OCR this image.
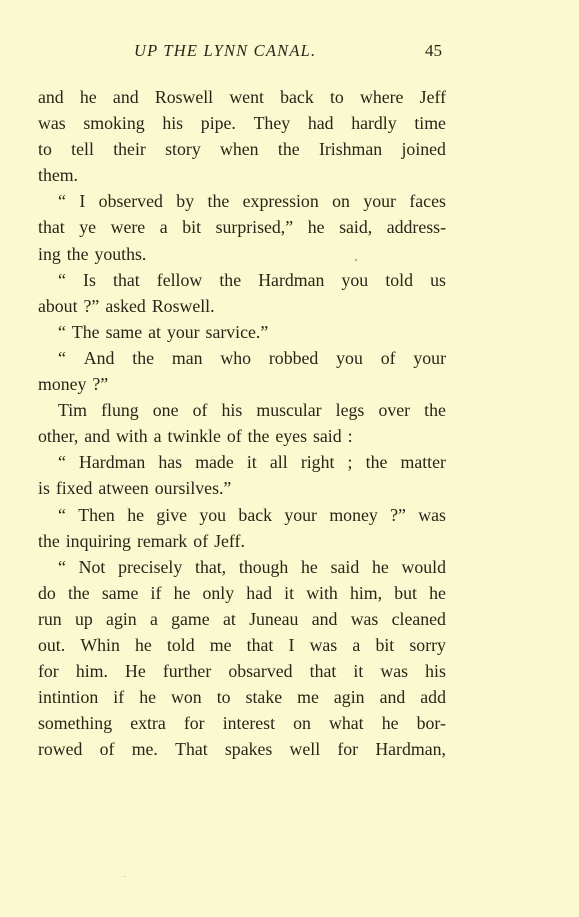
UP THE LYNN CANAL.	45
and he and Roswell went back to where Jeff
was smoking his pipe. They had hardly time
to tell their story when the Irishman joined
them.
“ I observed by the expression on your faces
that ye were a bit surprised,” he said, address-
ing the youths.
“ Is that fellow the Hardman you told us
about ?” asked Roswell.
“ The same at your sarvice.”
“ And the man who robbed you of your
money ?”
Tim flung one of his muscular legs over the
other, and with a twinkle of the eyes said :
“ Hardman has made it all right ; the matter
is fixed atween oursilves.”
“ Then he give you back your money ?” was
the inquiring remark of Jeff.
“ Not precisely that, though he said he would
do the same if he only had it with him, but he
run up agin a game at Juneau and was cleaned
out. Whin he told me that I was a bit sorry
for him. He further obsarved that it was his
intintion if he won to stake me agin and add
something extra for interest on what he bor-
rowed of me. That spakes well for Hardman,
